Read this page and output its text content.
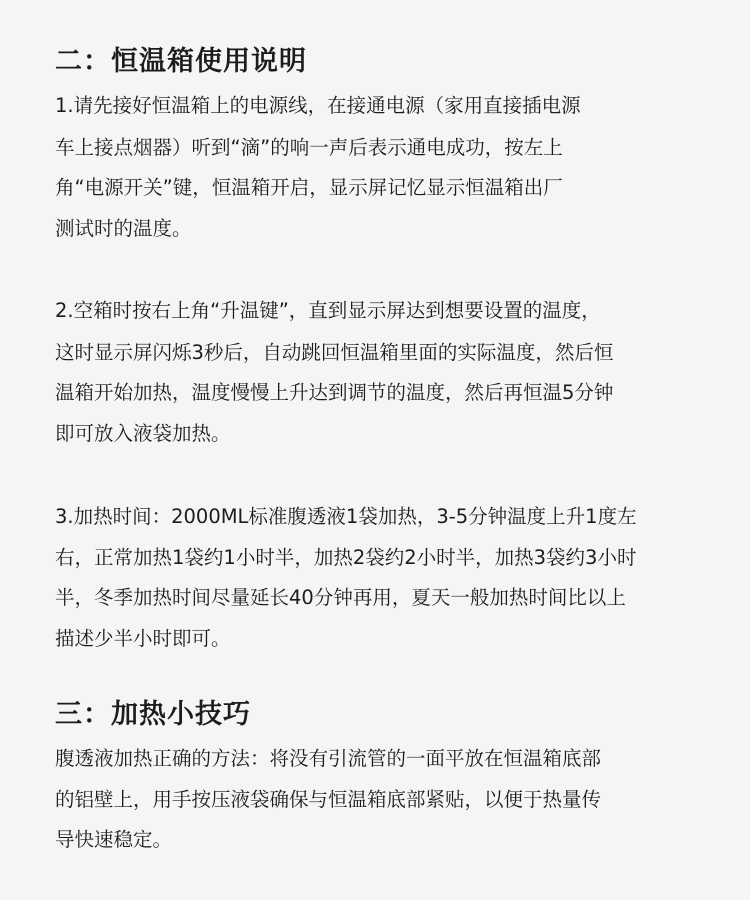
二：恒温箱使用说明

1.请先接好恒温箱上的电源线，在接通电源（家用直接插电源

车上接点烟器）听到“滴”的响一声后表示通电成功，按左上

角“电源开关”键，恒温箱开启，显示屏记忆显示恒温箱出厂

测试时的温度。

2.空箱时按右上角“升温键”，直到显示屏达到想要设置的温度，

这时显示屏闪烁3秒后，自动跳回恒温箱里面的实际温度，然后恒

温箱开始加热，温度慢慢上升达到调节的温度，然后再恒温5分钟

即可放入液袋加热。

3.加热时间：2000ML标准腹透液1袋加热，3-5分钟温度上升1度左

右，正常加热1袋约1小时半，加热2袋约2小时半，加热3袋约3小时

半，冬季加热时间尽量延长40分钟再用，夏天一般加热时间比以上

描述少半小时即可。

三：加热小技巧

腹透液加热正确的方法：将没有引流管的一面平放在恒温箱底部

的铝壁上，用手按压液袋确保与恒温箱底部紧贴，以便于热量传

导快速稳定。
